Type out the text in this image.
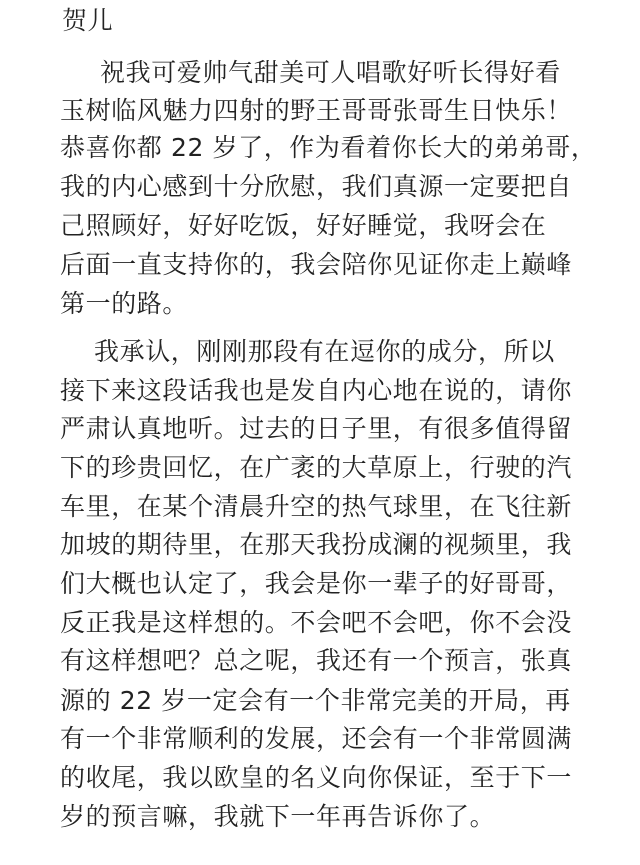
贺儿
祝我可爱帅气甜美可人唱歌好听长得好看
玉树临风魅力四射的野王哥哥张哥生日快乐！
恭喜你都 22 岁了，作为看着你长大的弟弟哥，
我的内心感到十分欣慰，我们真源一定要把自
己照顾好，好好吃饭，好好睡觉，我呀会在
后面一直支持你的，我会陪你见证你走上巅峰
第一的路。
我承认，刚刚那段有在逗你的成分，所以
接下来这段话我也是发自内心地在说的，请你
严肃认真地听。过去的日子里，有很多值得留
下的珍贵回忆，在广袤的大草原上，行驶的汽
车里，在某个清晨升空的热气球里，在飞往新
加坡的期待里，在那天我扮成澜的视频里，我
们大概也认定了，我会是你一辈子的好哥哥，
反正我是这样想的。不会吧不会吧，你不会没
有这样想吧？总之呢，我还有一个预言，张真
源的 22 岁一定会有一个非常完美的开局，再
有一个非常顺利的发展，还会有一个非常圆满
的收尾，我以欧皇的名义向你保证，至于下一
岁的预言嘛，我就下一年再告诉你了。
